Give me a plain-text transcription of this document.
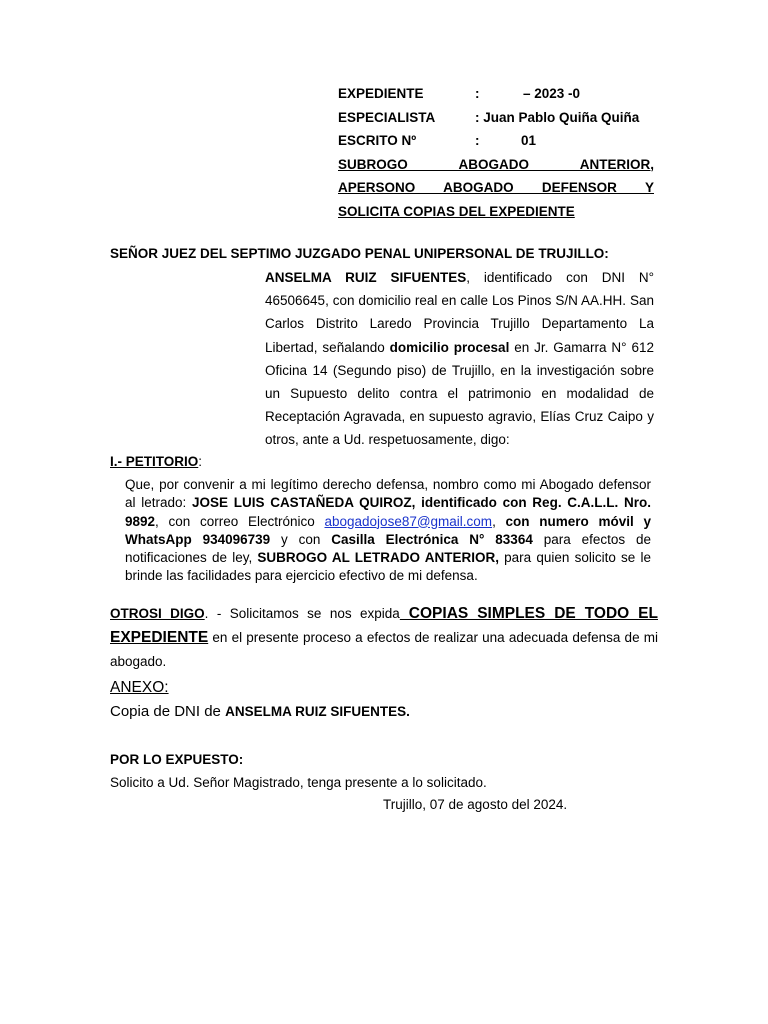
EXPEDIENTE	:	– 2023 -0
ESPECIALISTA	: Juan Pablo Quiña Quiña
ESCRITO Nº	:	01
SUBROGO ABOGADO ANTERIOR,
APERSONO ABOGADO DEFENSOR Y
SOLICITA COPIAS DEL EXPEDIENTE
SEÑOR JUEZ DEL SEPTIMO JUZGADO PENAL UNIPERSONAL DE TRUJILLO:
ANSELMA RUIZ SIFUENTES, identificado con DNI N° 46506645, con domicilio real en calle Los Pinos S/N AA.HH. San Carlos Distrito Laredo Provincia Trujillo Departamento La Libertad, señalando domicilio procesal en Jr. Gamarra N° 612 Oficina 14 (Segundo piso) de Trujillo, en la investigación sobre un Supuesto delito contra el patrimonio en modalidad de Receptación Agravada, en supuesto agravio, Elías Cruz Caipo y otros, ante a Ud. respetuosamente, digo:
I.- PETITORIO:
Que, por convenir a mi legítimo derecho defensa, nombro como mi Abogado defensor al letrado: JOSE LUIS CASTAÑEDA QUIROZ, identificado con Reg. C.A.L.L. Nro. 9892, con correo Electrónico abogadojose87@gmail.com, con numero móvil y WhatsApp 934096739 y con Casilla Electrónica N° 83364 para efectos de notificaciones de ley, SUBROGO AL LETRADO ANTERIOR, para quien solicito se le brinde las facilidades para ejercicio efectivo de mi defensa.
OTROSI DIGO. - Solicitamos se nos expida COPIAS SIMPLES DE TODO EL EXPEDIENTE en el presente proceso a efectos de realizar una adecuada defensa de mi abogado.
ANEXO:
Copia de DNI de ANSELMA RUIZ SIFUENTES.
POR LO EXPUESTO:
Solicito a Ud. Señor Magistrado, tenga presente a lo solicitado.
Trujillo, 07 de agosto del 2024.
